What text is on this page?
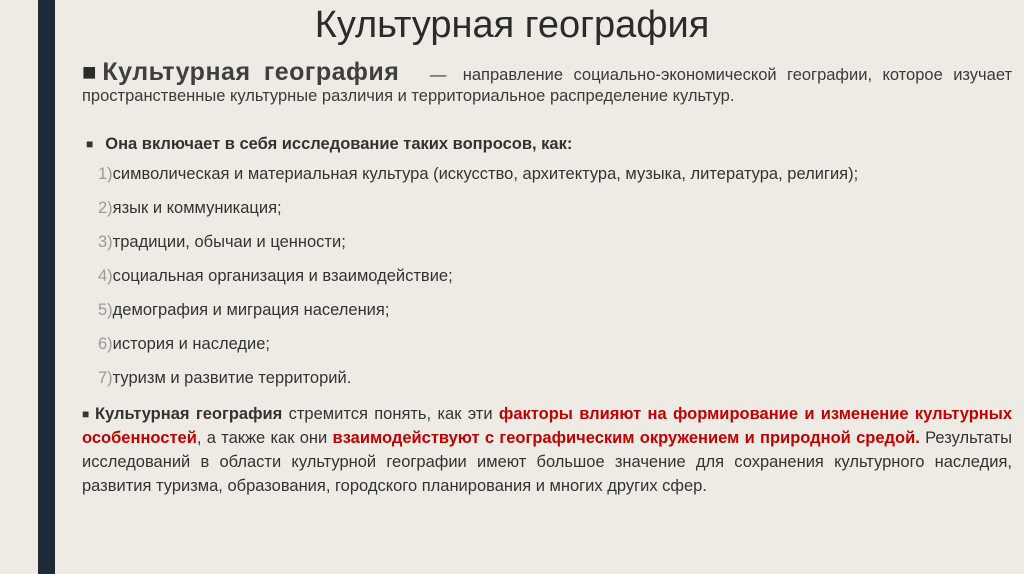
Культурная география
■Культурная география — направление социально-экономической географии, которое изучает пространственные культурные различия и территориальное распределение культур.
■ Она включает в себя исследование таких вопросов, как:
1)символическая и материальная культура (искусство, архитектура, музыка, литература, религия);
2)язык и коммуникация;
3)традиции, обычаи и ценности;
4)социальная организация и взаимодействие;
5)демография и миграция населения;
6)история и наследие;
7)туризм и развитие территорий.
■ Культурная география стремится понять, как эти факторы влияют на формирование и изменение культурных особенностей, а также как они взаимодействуют с географическим окружением и природной средой. Результаты исследований в области культурной географии имеют большое значение для сохранения культурного наследия, развития туризма, образования, городского планирования и многих других сфер.
